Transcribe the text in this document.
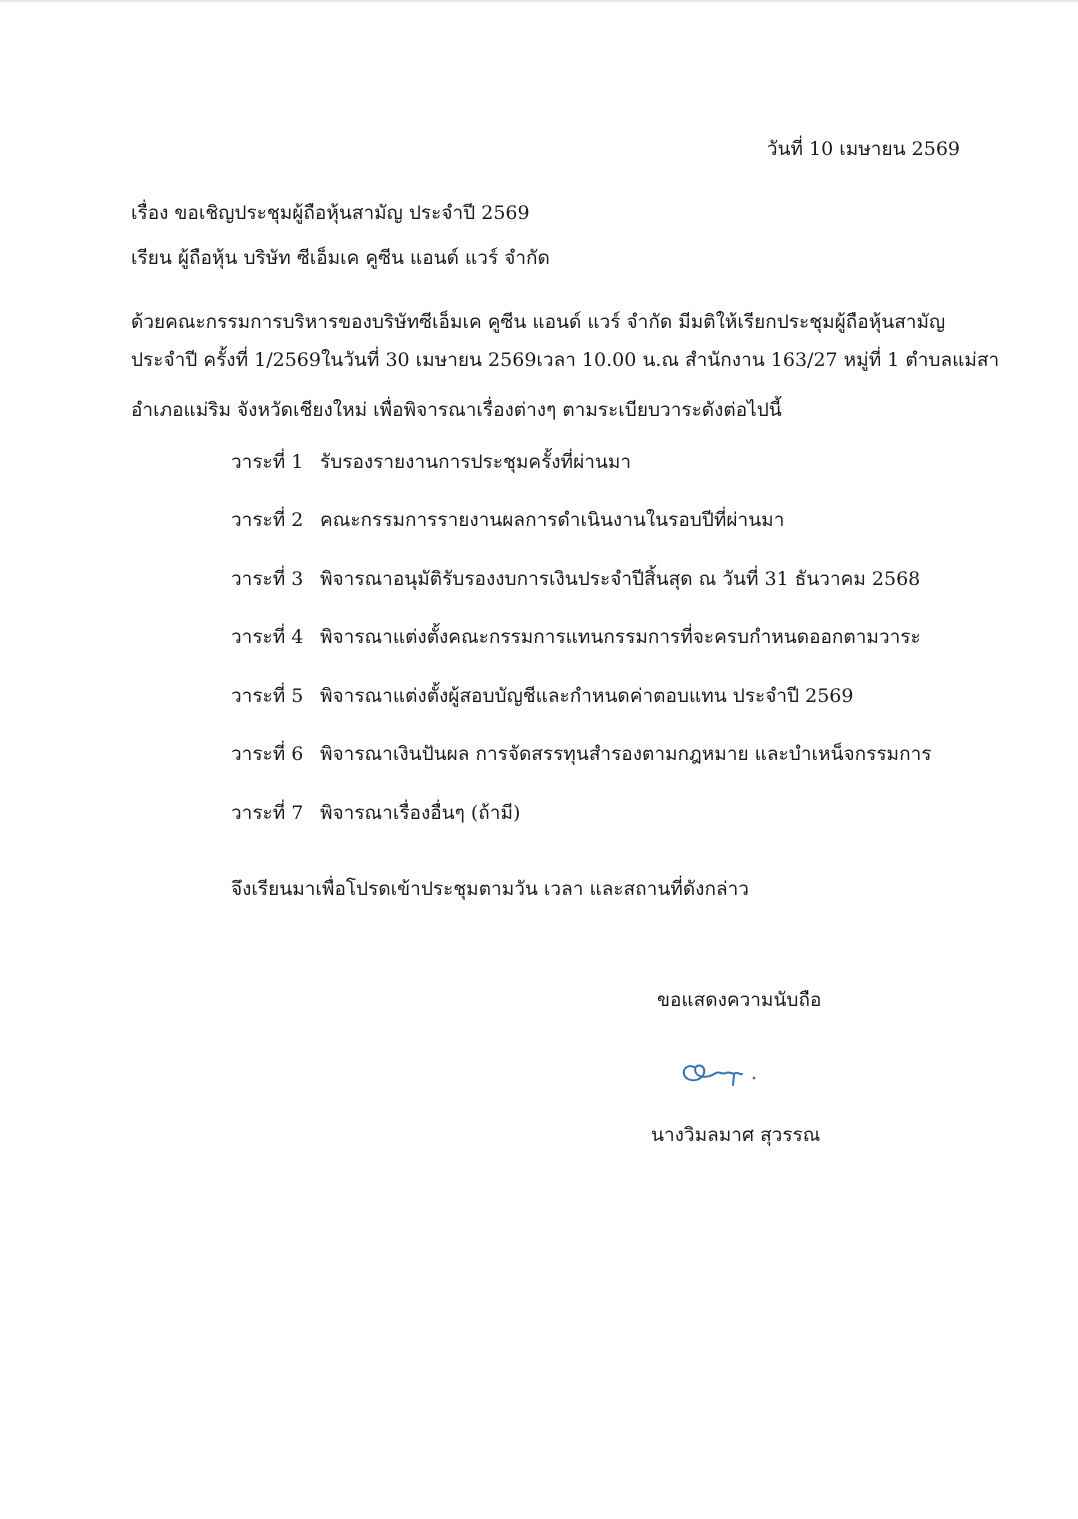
วันที่ 10 เมษายน 2569
เรื่อง ขอเชิญประชุมผู้ถือหุ้นสามัญ ประจำปี 2569
เรียน ผู้ถือหุ้น บริษัท ซีเอ็มเค คูซีน แอนด์ แวร์ จำกัด
ด้วยคณะกรรมการบริหารของบริษัทซีเอ็มเค คูซีน แอนด์ แวร์ จำกัด มีมติให้เรียกประชุมผู้ถือหุ้นสามัญ
ประจำปี ครั้งที่ 1/2569ในวันที่ 30 เมษายน 2569เวลา 10.00 น.ณ สำนักงาน 163/27 หมู่ที่ 1 ตำบลแม่สา
อำเภอแม่ริม จังหวัดเชียงใหม่ เพื่อพิจารณาเรื่องต่างๆ ตามระเบียบวาระดังต่อไปนี้
วาระที่ 1 รับรองรายงานการประชุมครั้งที่ผ่านมา
วาระที่ 2 คณะกรรมการรายงานผลการดำเนินงานในรอบปีที่ผ่านมา
วาระที่ 3 พิจารณาอนุมัติรับรองงบการเงินประจำปีสิ้นสุด ณ วันที่ 31 ธันวาคม 2568
วาระที่ 4 พิจารณาแต่งตั้งคณะกรรมการแทนกรรมการที่จะครบกำหนดออกตามวาระ
วาระที่ 5 พิจารณาแต่งตั้งผู้สอบบัญชีและกำหนดค่าตอบแทน ประจำปี 2569
วาระที่ 6 พิจารณาเงินปันผล การจัดสรรทุนสำรองตามกฎหมาย และบำเหน็จกรรมการ
วาระที่ 7 พิจารณาเรื่องอื่นๆ (ถ้ามี)
จึงเรียนมาเพื่อโปรดเข้าประชุมตามวัน เวลา และสถานที่ดังกล่าว
ขอแสดงความนับถือ
นางวิมลมาศ สุวรรณ
